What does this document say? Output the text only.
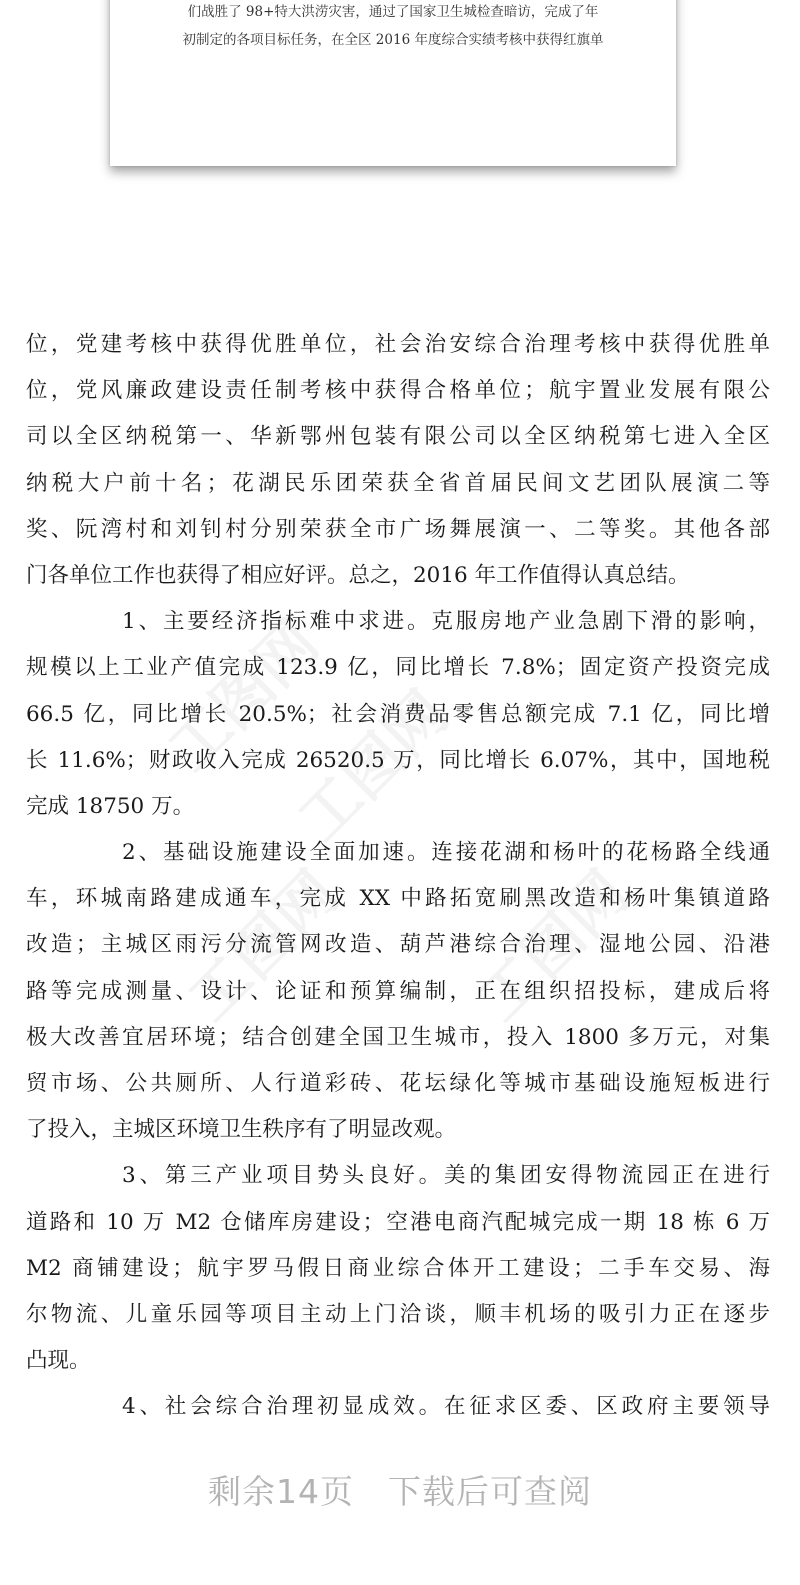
们战胜了 98+特大洪涝灾害，通过了国家卫生城检查暗访，完成了年
初制定的各项目标任务，在全区 2016 年度综合实绩考核中获得红旗单
工图网
工图网
工图网 工图网
位，党建考核中获得优胜单位，社会治安综合治理考核中获得优胜单
位，党风廉政建设责任制考核中获得合格单位；航宇置业发展有限公
司以全区纳税第一、华新鄂州包装有限公司以全区纳税第七进入全区
纳税大户前十名；花湖民乐团荣获全省首届民间文艺团队展演二等
奖、阮湾村和刘钊村分别荣获全市广场舞展演一、二等奖。其他各部
门各单位工作也获得了相应好评。总之，2016 年工作值得认真总结。
1、主要经济指标难中求进。克服房地产业急剧下滑的影响，
规模以上工业产值完成 123.9 亿，同比增长 7.8%；固定资产投资完成
66.5 亿，同比增长 20.5%；社会消费品零售总额完成 7.1 亿，同比增
长 11.6%；财政收入完成 26520.5 万，同比增长 6.07%，其中，国地税
完成 18750 万。
2、基础设施建设全面加速。连接花湖和杨叶的花杨路全线通
车，环城南路建成通车，完成 XX 中路拓宽刷黑改造和杨叶集镇道路
改造；主城区雨污分流管网改造、葫芦港综合治理、湿地公园、沿港
路等完成测量、设计、论证和预算编制，正在组织招投标，建成后将
极大改善宜居环境；结合创建全国卫生城市，投入 1800 多万元，对集
贸市场、公共厕所、人行道彩砖、花坛绿化等城市基础设施短板进行
了投入，主城区环境卫生秩序有了明显改观。
3、第三产业项目势头良好。美的集团安得物流园正在进行
道路和 10 万 M2 仓储库房建设；空港电商汽配城完成一期 18 栋 6 万
M2 商铺建设；航宇罗马假日商业综合体开工建设；二手车交易、海
尔物流、儿童乐园等项目主动上门洽谈，顺丰机场的吸引力正在逐步
凸现。
4、社会综合治理初显成效。在征求区委、区政府主要领导
剩余14页　下载后可查阅
